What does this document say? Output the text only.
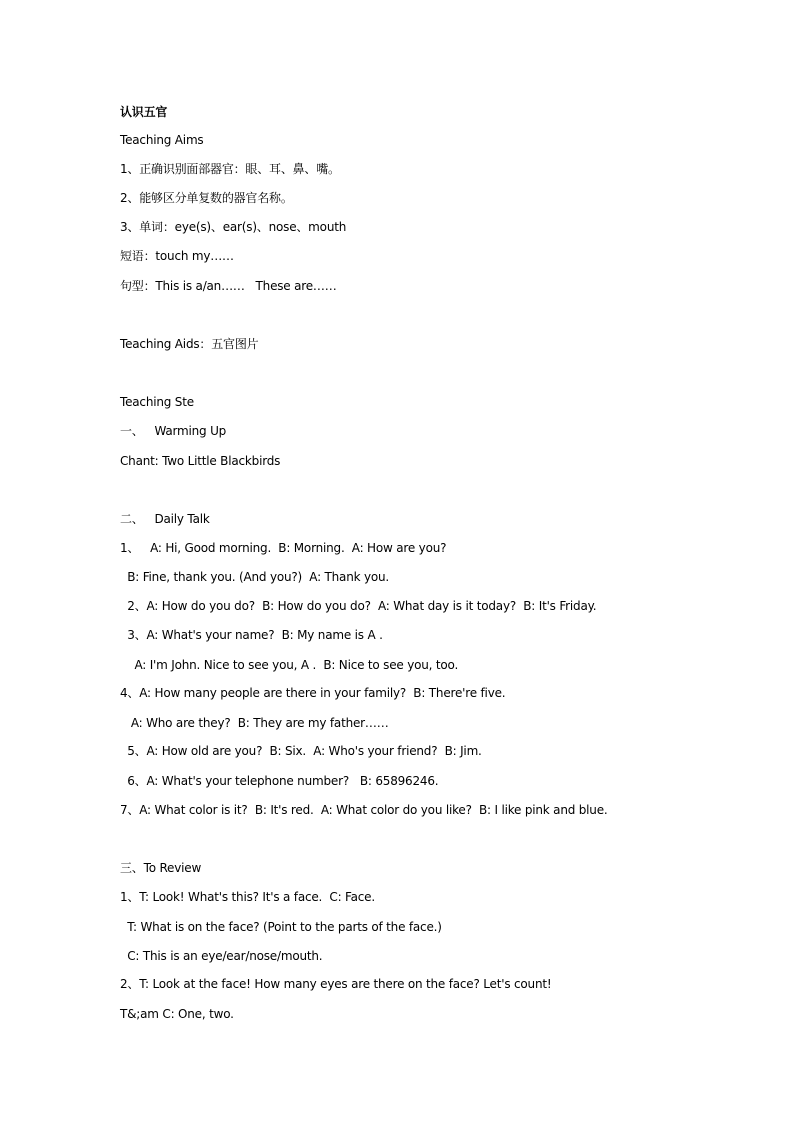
认识五官
Teaching Aims
1、正确识别面部器官：眼、耳、鼻、嘴。
2、能够区分单复数的器官名称。
3、单词：eye(s)、ear(s)、nose、mouth
短语：touch my……
句型：This is a/an……   These are……
Teaching Aids：五官图片
Teaching Ste
一、   Warming Up
Chant: Two Little Blackbirds
二、   Daily Talk
1、   A: Hi, Good morning.  B: Morning.  A: How are you?
B: Fine, thank you. (And you?)  A: Thank you.
2、A: How do you do?  B: How do you do?  A: What day is it today?  B: It's Friday.
3、A: What's your name?  B: My name is A .
A: I'm John. Nice to see you, A .  B: Nice to see you, too.
4、A: How many people are there in your family?  B: There're five.
A: Who are they?  B: They are my father……
5、A: How old are you?  B: Six.  A: Who's your friend?  B: Jim.
6、A: What's your telephone number?   B: 65896246.
7、A: What color is it?  B: It's red.  A: What color do you like?  B: I like pink and blue.
三、To Review
1、T: Look! What's this? It's a face.  C: Face.
T: What is on the face? (Point to the parts of the face.)
C: This is an eye/ear/nose/mouth.
2、T: Look at the face! How many eyes are there on the face? Let's count!
T&;am C: One, two.
